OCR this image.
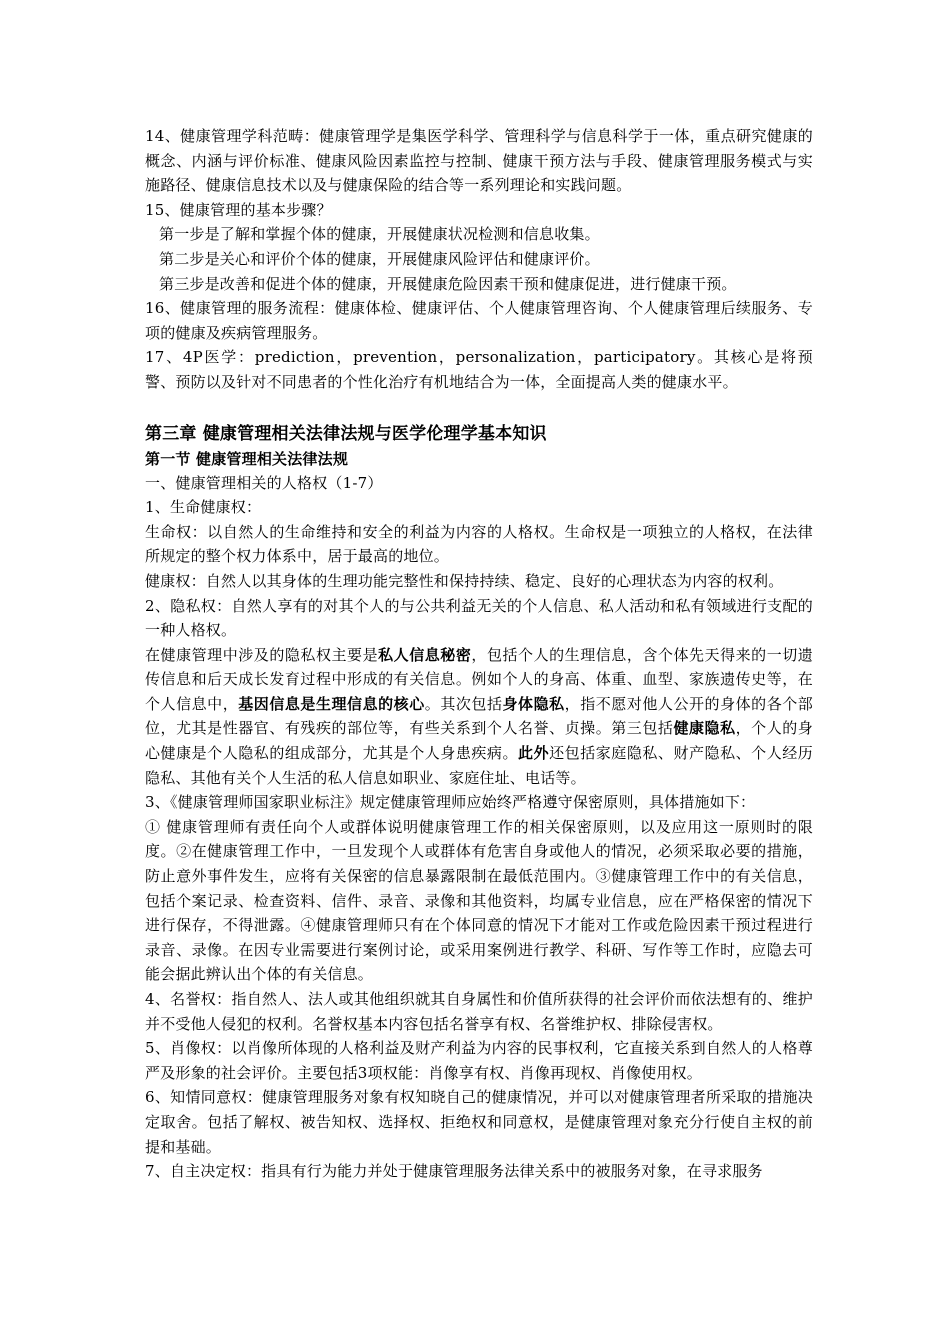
14、健康管理学科范畴：健康管理学是集医学科学、管理科学与信息科学于一体，重点研究健康的概念、内涵与评价标准、健康风险因素监控与控制、健康干预方法与手段、健康管理服务模式与实施路径、健康信息技术以及与健康保险的结合等一系列理论和实践问题。

15、健康管理的基本步骤？

第一步是了解和掌握个体的健康，开展健康状况检测和信息收集。

第二步是关心和评价个体的健康，开展健康风险评估和健康评价。

第三步是改善和促进个体的健康，开展健康危险因素干预和健康促进，进行健康干预。

16、健康管理的服务流程：健康体检、健康评估、个人健康管理咨询、个人健康管理后续服务、专项的健康及疾病管理服务。

17、4P医学：prediction，prevention，personalization，participatory。其核心是将预警、预防以及针对不同患者的个性化治疗有机地结合为一体，全面提高人类的健康水平。

第三章 健康管理相关法律法规与医学伦理学基本知识

第一节 健康管理相关法律法规

一、健康管理相关的人格权（1-7）

1、生命健康权：

生命权：以自然人的生命维持和安全的利益为内容的人格权。生命权是一项独立的人格权，在法律所规定的整个权力体系中，居于最高的地位。

健康权：自然人以其身体的生理功能完整性和保持持续、稳定、良好的心理状态为内容的权利。

2、隐私权：自然人享有的对其个人的与公共利益无关的个人信息、私人活动和私有领域进行支配的一种人格权。

在健康管理中涉及的隐私权主要是私人信息秘密，包括个人的生理信息，含个体先天得来的一切遗传信息和后天成长发育过程中形成的有关信息。例如个人的身高、体重、血型、家族遗传史等，在个人信息中，基因信息是生理信息的核心。其次包括身体隐私，指不愿对他人公开的身体的各个部位，尤其是性器官、有残疾的部位等，有些关系到个人名誉、贞操。第三包括健康隐私，个人的身心健康是个人隐私的组成部分，尤其是个人身患疾病。此外还包括家庭隐私、财产隐私、个人经历隐私、其他有关个人生活的私人信息如职业、家庭住址、电话等。

3、《健康管理师国家职业标注》规定健康管理师应始终严格遵守保密原则，具体措施如下：

① 健康管理师有责任向个人或群体说明健康管理工作的相关保密原则，以及应用这一原则时的限度。②在健康管理工作中，一旦发现个人或群体有危害自身或他人的情况，必须采取必要的措施，防止意外事件发生，应将有关保密的信息暴露限制在最低范围内。③健康管理工作中的有关信息，包括个案记录、检查资料、信件、录音、录像和其他资料，均属专业信息，应在严格保密的情况下进行保存，不得泄露。④健康管理师只有在个体同意的情况下才能对工作或危险因素干预过程进行录音、录像。在因专业需要进行案例讨论，或采用案例进行教学、科研、写作等工作时，应隐去可能会据此辨认出个体的有关信息。

4、名誉权：指自然人、法人或其他组织就其自身属性和价值所获得的社会评价而依法想有的、维护并不受他人侵犯的权利。名誉权基本内容包括名誉享有权、名誉维护权、排除侵害权。

5、肖像权：以肖像所体现的人格利益及财产利益为内容的民事权利，它直接关系到自然人的人格尊严及形象的社会评价。主要包括3项权能：肖像享有权、肖像再现权、肖像使用权。

6、知情同意权：健康管理服务对象有权知晓自己的健康情况，并可以对健康管理者所采取的措施决定取舍。包括了解权、被告知权、选择权、拒绝权和同意权，是健康管理对象充分行使自主权的前提和基础。

7、自主决定权：指具有行为能力并处于健康管理服务法律关系中的被服务对象，在寻求服务
